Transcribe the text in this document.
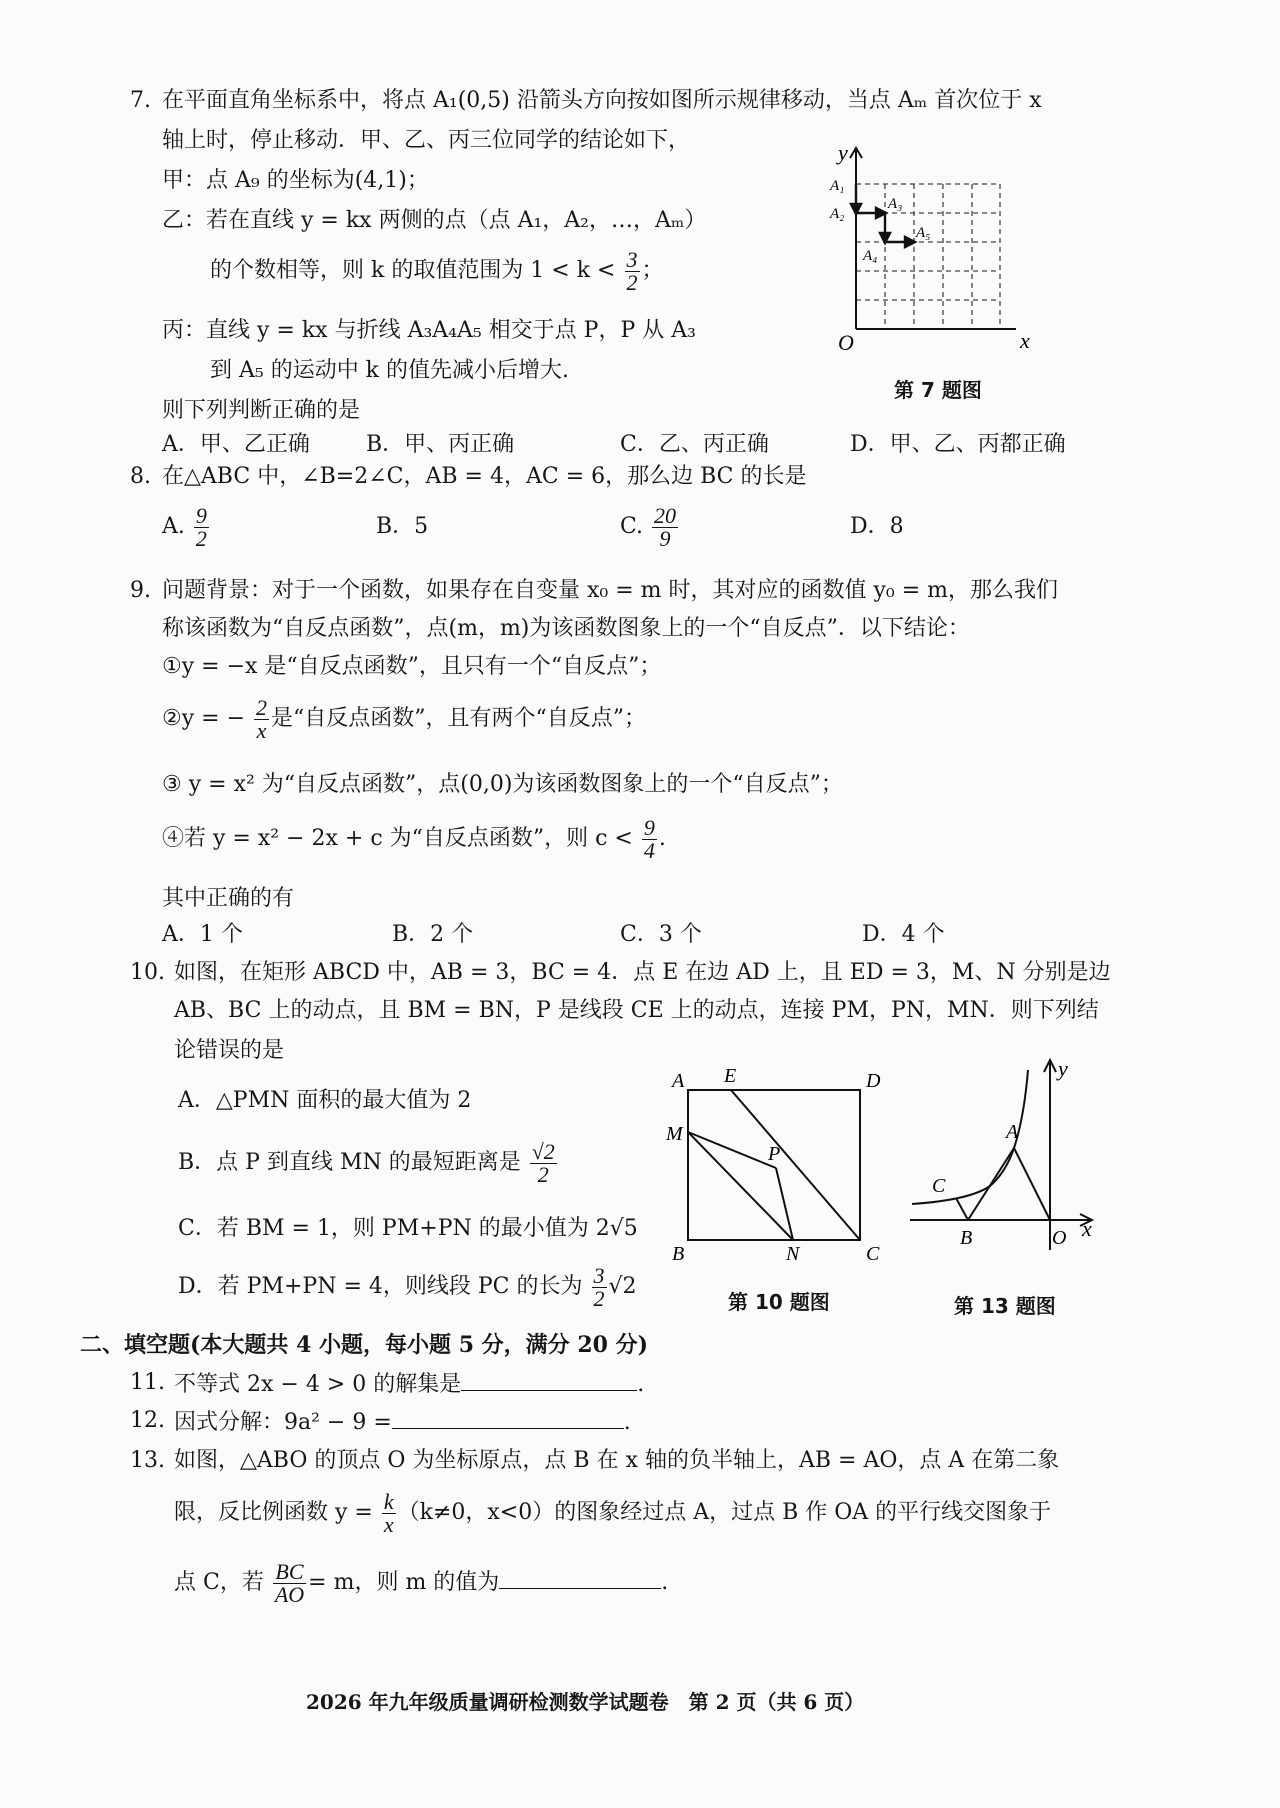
7. 在平面直角坐标系中，将点 A₁(0,5) 沿箭头方向按如图所示规律移动，当点 Aₘ 首次位于 x
轴上时，停止移动．甲、乙、丙三位同学的结论如下，
甲：点 A₉ 的坐标为(4,1)；
乙：若在直线 y = kx 两侧的点（点 A₁，A₂，…，Aₘ）
的个数相等，则 k 的取值范围为 $1 < k < \frac{3}{2}$ ；
丙：直线 y = kx 与折线 A₃A₄A₅ 相交于点 P，P 从 A₃
到 A₅ 的运动中 k 的值先减小后增大.
则下列判断正确的是
A．甲、乙正确	B．甲、丙正确	C．乙、丙正确	D．甲、乙、丙都正确
y
x
O
A₁
A₂
A₃
A₄
A₅
第 7 题图
8. 在△ABC 中，∠B=2∠C，AB = 4，AC = 6，那么边 BC 的长是
A. $\frac{9}{2}$	B．5	C. $\frac{20}{9}$	D．8
9. 问题背景：对于一个函数，如果存在自变量 x₀ = m 时，其对应的函数值 y₀ = m，那么我们
称该函数为“自反点函数”，点(m，m)为该函数图象上的一个“自反点”．以下结论：
①y = −x 是“自反点函数”，且只有一个“自反点”；
②y = − $\frac{2}{x}$ 是“自反点函数”，且有两个“自反点”；
③ y = x² 为“自反点函数”，点(0,0)为该函数图象上的一个“自反点”；
④若 y = x² − 2x + c 为“自反点函数”，则 $c < \frac{9}{4}$ .
其中正确的有
A．1 个	B．2 个	C．3 个	D．4 个
10. 如图，在矩形 ABCD 中，AB = 3，BC = 4．点 E 在边 AD 上，且 ED = 3，M、N 分别是边
AB、BC 上的动点，且 BM = BN，P 是线段 CE 上的动点，连接 PM，PN，MN．则下列结
论错误的是
A．△PMN 面积的最大值为 2
B．点 P 到直线 MN 的最短距离是 $\frac{√2}{2}$
C．若 BM = 1，则 PM+PN 的最小值为 2√5
D．若 PM+PN = 4，则线段 PC 的长为 $\frac{3}{2} √2$
A E	D
M
P
B	N	C
第 10 题图
y
A
C
B	O x
第 13 题图
二、填空题(本大题共 4 小题，每小题 5 分，满分 20 分)
11. 不等式 2x − 4 > 0 的解集是	.
12. 因式分解：9a² − 9 =	.
13. 如图，△ABO 的顶点 O 为坐标原点，点 B 在 x 轴的负半轴上，AB = AO，点 A 在第二象
限，反比例函数 $y = \frac{k}{x} (k\ne 0$，x<0）的图象经过点 A，过点 B 作 OA 的平行线交图象于
点 C，若 $\frac{BC}{AO} = m$，则 m 的值为	.
2026 年九年级质量调研检测数学试题卷　第 2 页（共 6 页）
